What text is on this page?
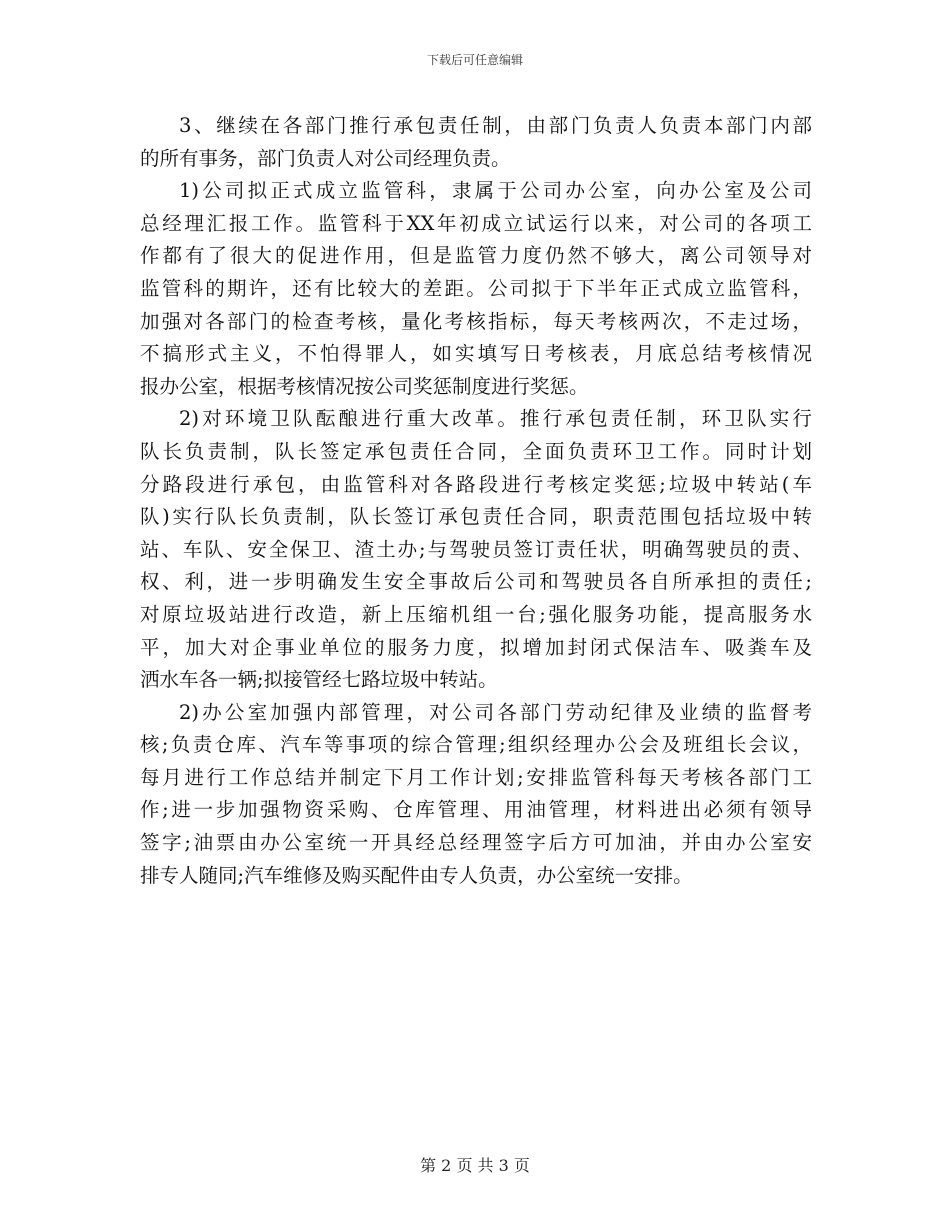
下载后可任意编辑
3、继续在各部门推行承包责任制，由部门负责人负责本部门内部
的所有事务，部门负责人对公司经理负责。
1)公司拟正式成立监管科，隶属于公司办公室，向办公室及公司
总经理汇报工作。监管科于XX年初成立试运行以来，对公司的各项工
作都有了很大的促进作用，但是监管力度仍然不够大，离公司领导对
监管科的期许，还有比较大的差距。公司拟于下半年正式成立监管科，
加强对各部门的检查考核，量化考核指标，每天考核两次，不走过场，
不搞形式主义，不怕得罪人，如实填写日考核表，月底总结考核情况
报办公室，根据考核情况按公司奖惩制度进行奖惩。
2)对环境卫队酝酿进行重大改革。推行承包责任制，环卫队实行
队长负责制，队长签定承包责任合同，全面负责环卫工作。同时计划
分路段进行承包，由监管科对各路段进行考核定奖惩;垃圾中转站(车
队)实行队长负责制，队长签订承包责任合同，职责范围包括垃圾中转
站、车队、安全保卫、渣土办;与驾驶员签订责任状，明确驾驶员的责、
权、利，进一步明确发生安全事故后公司和驾驶员各自所承担的责任;
对原垃圾站进行改造，新上压缩机组一台;强化服务功能，提高服务水
平，加大对企事业单位的服务力度，拟增加封闭式保洁车、吸粪车及
洒水车各一辆;拟接管经七路垃圾中转站。
2)办公室加强内部管理，对公司各部门劳动纪律及业绩的监督考
核;负责仓库、汽车等事项的综合管理;组织经理办公会及班组长会议，
每月进行工作总结并制定下月工作计划;安排监管科每天考核各部门工
作;进一步加强物资采购、仓库管理、用油管理，材料进出必须有领导
签字;油票由办公室统一开具经总经理签字后方可加油，并由办公室安
排专人随同;汽车维修及购买配件由专人负责，办公室统一安排。
第 2 页 共 3 页
